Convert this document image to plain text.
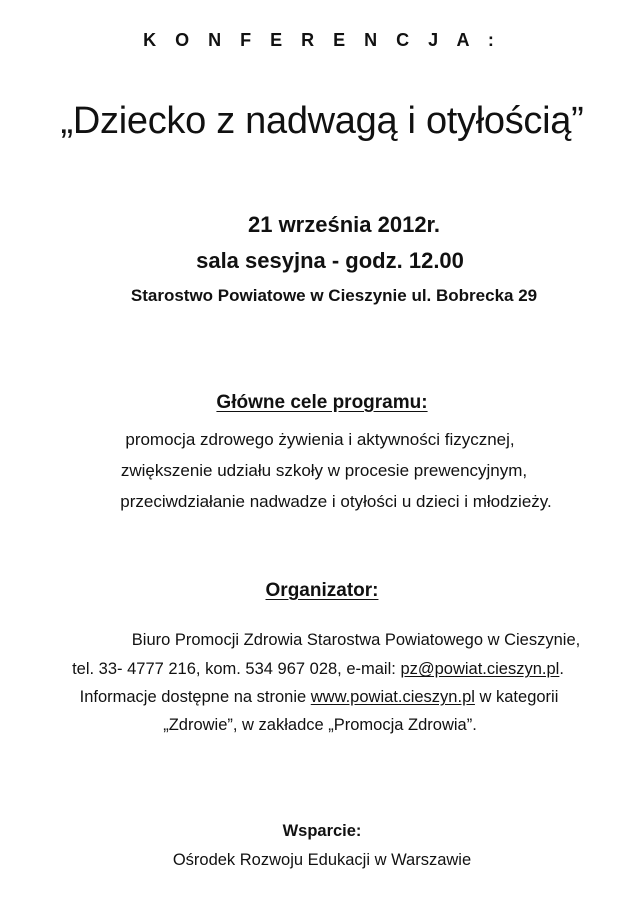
K O N F E R E N C J A :

„Dziecko z nadwagą i otyłością”

21 września 2012r.

sala sesyjna - godz. 12.00

Starostwo Powiatowe w Cieszynie ul. Bobrecka 29

Główne cele programu:

promocja zdrowego żywienia i aktywności fizycznej,

zwiększenie udziału szkoły w procesie prewencyjnym,

przeciwdziałanie nadwadze i otyłości u dzieci i młodzieży.

Organizator:

Biuro Promocji Zdrowia Starostwa Powiatowego w Cieszynie,

tel. 33- 4777 216, kom. 534 967 028, e-mail: pz@powiat.cieszyn.pl.

Informacje dostępne na stronie www.powiat.cieszyn.pl w kategorii

„Zdrowie”, w zakładce „Promocja Zdrowia”.

Wsparcie:

Ośrodek Rozwoju Edukacji w Warszawie
